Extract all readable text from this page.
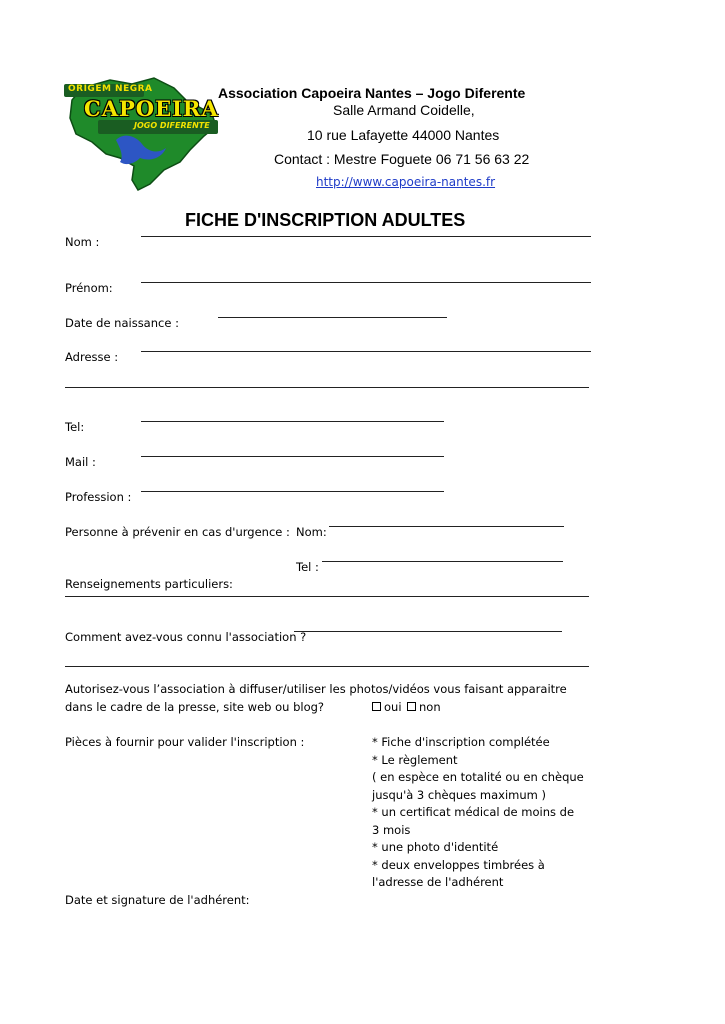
ORIGEM NEGRA
CAPOEIRA
JOGO DIFERENTE
Association Capoeira Nantes – Jogo Diferente
Salle Armand Coidelle,
10 rue Lafayette 44000 Nantes
Contact : Mestre Foguete 06 71 56 63 22
http://www.capoeira-nantes.fr
FICHE D'INSCRIPTION ADULTES
Nom :
Prénom:
Date de naissance :
Adresse :
Tel:
Mail :
Profession :
Personne à prévenir en cas d'urgence : Nom:
Tel :
Renseignements particuliers:
Comment avez-vous connu l'association ?
Autorisez-vous l’association à diffuser/utiliser les photos/vidéos vous faisant apparaitre
dans le cadre de la presse, site web ou blog?	oui	non
Pièces à fournir pour valider l'inscription :	* Fiche d'inscription complétée
* Le règlement
( en espèce en totalité ou en chèque
jusqu'à 3 chèques maximum )
* un certificat médical de moins de
3 mois
* une photo d'identité
* deux enveloppes timbrées à
l'adresse de l'adhérent
Date et signature de l'adhérent:
